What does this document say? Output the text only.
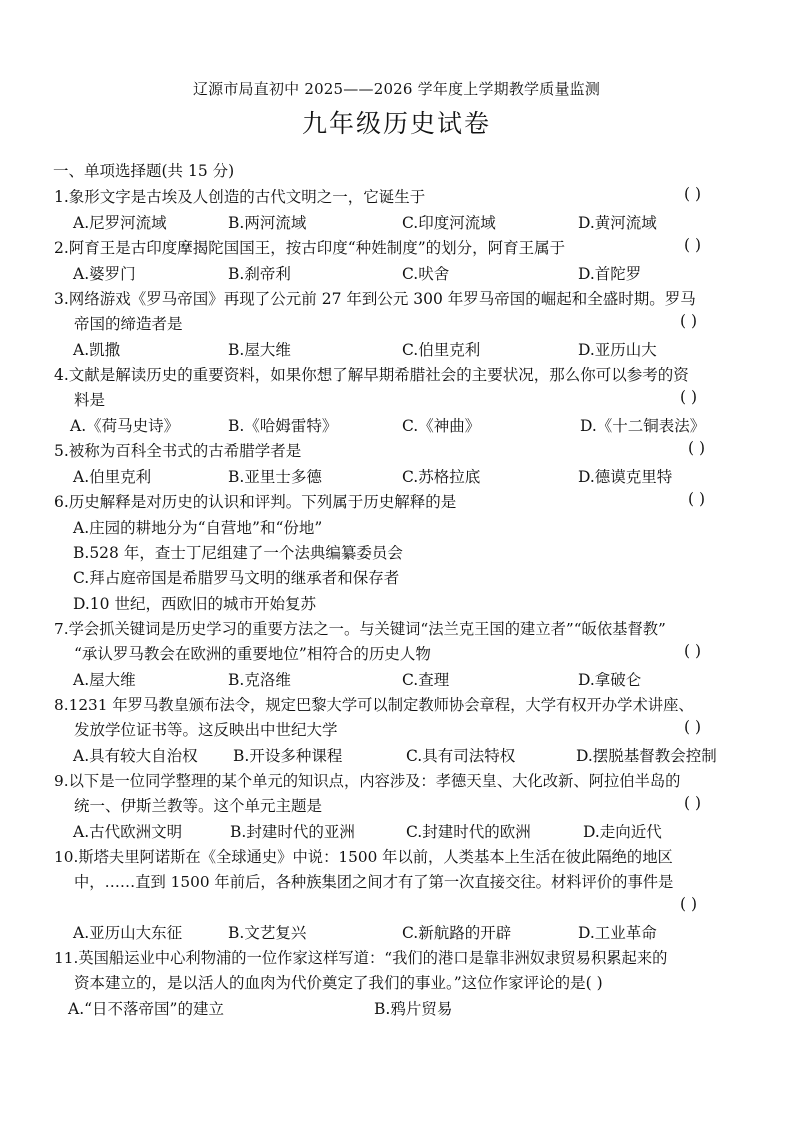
辽源市局直初中 2025——2026 学年度上学期教学质量监测
九年级历史试卷
一、单项选择题(共 15 分)
1.象形文字是古埃及人创造的古代文明之一，它诞生于	( )
A.尼罗河流域	B.两河流域	C.印度河流域	D.黄河流域
2.阿育王是古印度摩揭陀国国王，按古印度“种姓制度”的划分，阿育王属于	( )
A.婆罗门	B.刹帝利	C.吠舍	D.首陀罗
3.网络游戏《罗马帝国》再现了公元前 27 年到公元 300 年罗马帝国的崛起和全盛时期。罗马
帝国的缔造者是	( )
A.凯撒	B.屋大维	C.伯里克利	D.亚历山大
4.文献是解读历史的重要资料，如果你想了解早期希腊社会的主要状况，那么你可以参考的资
料是	( )
A.《荷马史诗》	B.《哈姆雷特》	C.《神曲》	D.《十二铜表法》
5.被称为百科全书式的古希腊学者是	( )
A.伯里克利	B.亚里士多德	C.苏格拉底	D.德谟克里特
6.历史解释是对历史的认识和评判。下列属于历史解释的是	( )
A.庄园的耕地分为“自营地”和“份地”
B.528 年，查士丁尼组建了一个法典编纂委员会
C.拜占庭帝国是希腊罗马文明的继承者和保存者
D.10 世纪，西欧旧的城市开始复苏
7.学会抓关键词是历史学习的重要方法之一。与关键词“法兰克王国的建立者”“皈依基督教”
“承认罗马教会在欧洲的重要地位”相符合的历史人物	( )
A.屋大维	B.克洛维	C.查理	D.拿破仑
8.1231 年罗马教皇颁布法令，规定巴黎大学可以制定教师协会章程，大学有权开办学术讲座、
发放学位证书等。这反映出中世纪大学	( )
A.具有较大自治权 B.开设多种课程	C.具有司法特权	D.摆脱基督教会控制
9.以下是一位同学整理的某个单元的知识点，内容涉及：孝德天皇、大化改新、阿拉伯半岛的
统一、伊斯兰教等。这个单元主题是	( )
A.古代欧洲文明	B.封建时代的亚洲	C.封建时代的欧洲	D.走向近代
10.斯塔夫里阿诺斯在《全球通史》中说：1500 年以前，人类基本上生活在彼此隔绝的地区
中，……直到 1500 年前后，各种族集团之间才有了第一次直接交往。材料评价的事件是
( )
A.亚历山大东征	B.文艺复兴	C.新航路的开辟	D.工业革命
11.英国船运业中心利物浦的一位作家这样写道：“我们的港口是靠非洲奴隶贸易积累起来的
资本建立的，是以活人的血肉为代价奠定了我们的事业。”这位作家评论的是( )
A.“日不落帝国”的建立	B.鸦片贸易
